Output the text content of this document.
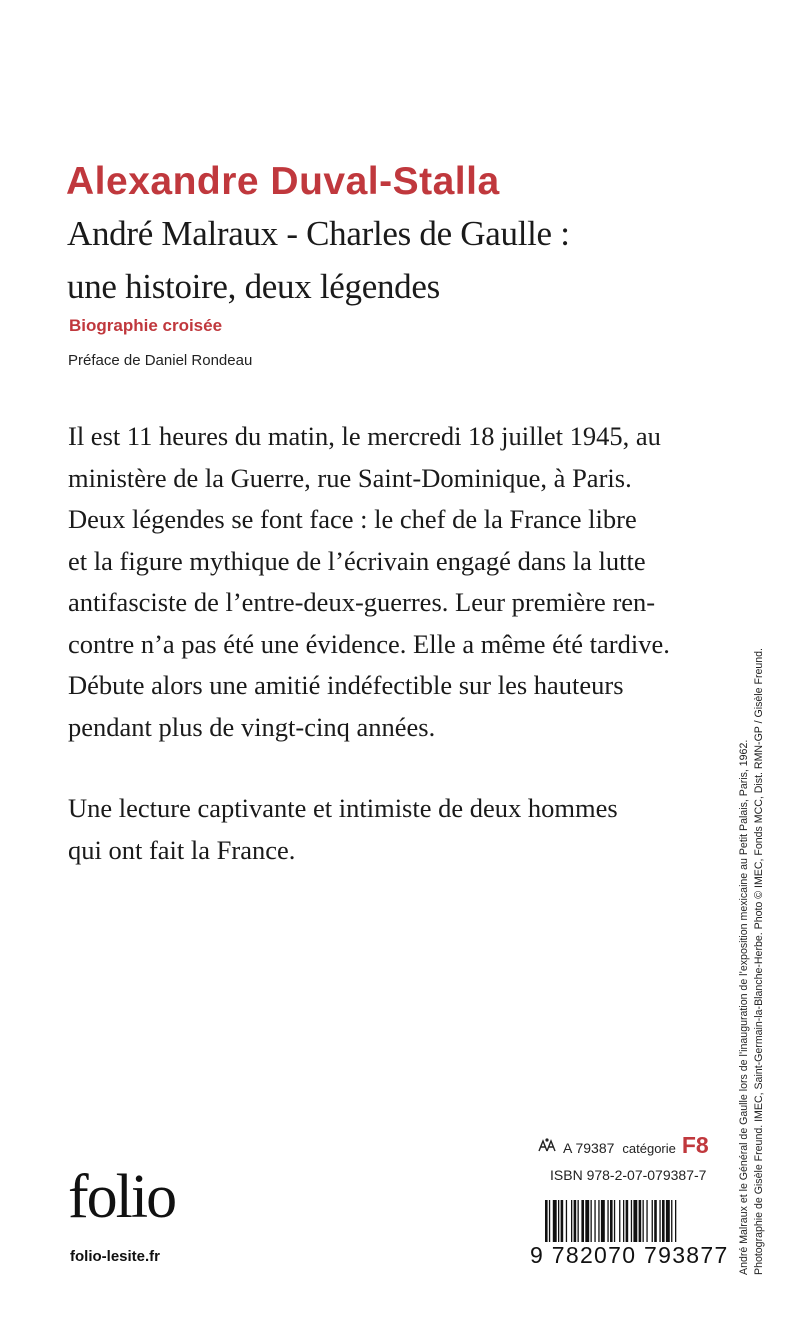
Alexandre Duval-Stalla
André Malraux - Charles de Gaulle :
une histoire, deux légendes
Biographie croisée
Préface de Daniel Rondeau
Il est 11 heures du matin, le mercredi 18 juillet 1945, au
ministère de la Guerre, rue Saint-Dominique, à Paris.
Deux légendes se font face : le chef de la France libre
et la figure mythique de l’écrivain engagé dans la lutte
antifasciste de l’entre-deux-guerres. Leur première ren-
contre n’a pas été une évidence. Elle a même été tardive.
Débute alors une amitié indéfectible sur les hauteurs
pendant plus de vingt-cinq années.
Une lecture captivante et intimiste de deux hommes
qui ont fait la France.	André Malraux et le Général de Gaulle lors de l’inauguration de l’exposition mexicaine au Petit Palais, Paris, 1962. Photographie de Gisèle Freund. IMEC, Saint-Germain-la-Blanche-Herbe. Photo © IMEC, Fonds MCC, Dist. RMN-GP / Gisèle Freund.
A 79387 catégorie F8
ISBN 978-2-07-079387-7
9 782070 793877
folio
folio-lesite.fr
